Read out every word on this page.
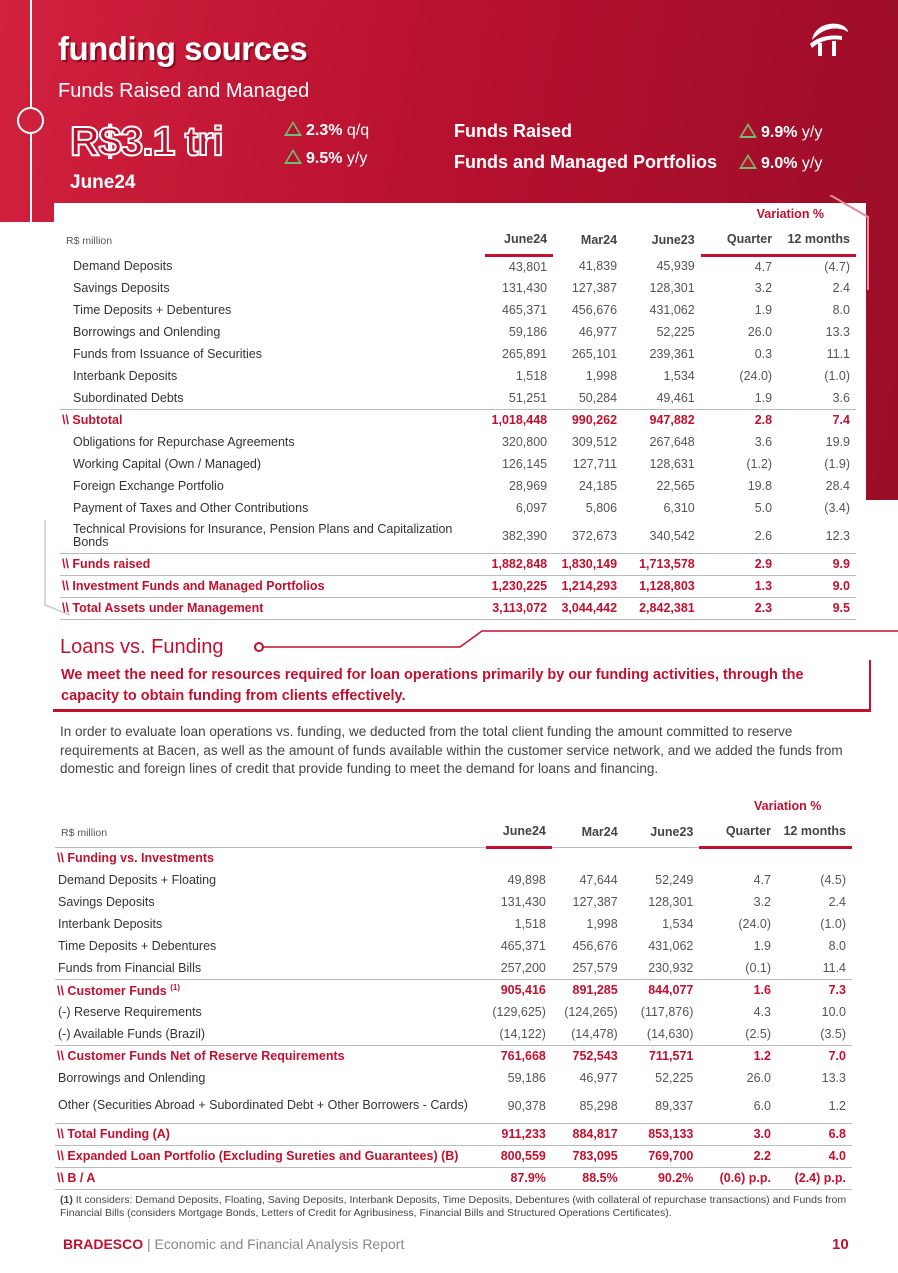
funding sources
Funds Raised and Managed
R$3.1 tri
June24
2.3% q/q
9.5% y/y
Funds Raised
Funds and Managed Portfolios
9.9% y/y
9.0% y/y
				Variation %	
R$ million	June24	Mar24	June23	Quarter	12 months
Demand Deposits	43,801	41,839	45,939	4.7	(4.7)
Savings Deposits	131,430	127,387	128,301	3.2	2.4
Time Deposits + Debentures	465,371	456,676	431,062	1.9	8.0
Borrowings and Onlending	59,186	46,977	52,225	26.0	13.3
Funds from Issuance of Securities	265,891	265,101	239,361	0.3	11.1
Interbank Deposits	1,518	1,998	1,534	(24.0)	(1.0)
Subordinated Debts	51,251	50,284	49,461	1.9	3.6
\\ Subtotal	1,018,448	990,262	947,882	2.8	7.4
Obligations for Repurchase Agreements	320,800	309,512	267,648	3.6	19.9
Working Capital (Own / Managed)	126,145	127,711	128,631	(1.2)	(1.9)
Foreign Exchange Portfolio	28,969	24,185	22,565	19.8	28.4
Payment of Taxes and Other Contributions	6,097	5,806	6,310	5.0	(3.4)
Technical Provisions for Insurance, Pension Plans and Capitalization Bonds	382,390	372,673	340,542	2.6	12.3
\\ Funds raised	1,882,848	1,830,149	1,713,578	2.9	9.9
\\ Investment Funds and Managed Portfolios	1,230,225	1,214,293	1,128,803	1.3	9.0
\\ Total Assets under Management	3,113,072	3,044,442	2,842,381	2.3	9.5
Loans vs. Funding
We meet the need for resources required for loan operations primarily by our funding activities, through the capacity to obtain funding from clients effectively.
In order to evaluate loan operations vs. funding, we deducted from the total client funding the amount committed to reserve requirements at Bacen, as well as the amount of funds available within the customer service network, and we added the funds from domestic and foreign lines of credit that provide funding to meet the demand for loans and financing.
				Variation %	
R$ million	June24	Mar24	June23	Quarter	12 months
\\ Funding vs. Investments					
Demand Deposits + Floating	49,898	47,644	52,249	4.7	(4.5)
Savings Deposits	131,430	127,387	128,301	3.2	2.4
Interbank Deposits	1,518	1,998	1,534	(24.0)	(1.0)
Time Deposits + Debentures	465,371	456,676	431,062	1.9	8.0
Funds from Financial Bills	257,200	257,579	230,932	(0.1)	11.4
\\ Customer Funds $^{(1)}$	905,416	891,285	844,077	1.6	7.3
(-) Reserve Requirements	(129,625)	(124,265)	(117,876)	4.3	10.0
(-) Available Funds (Brazil)	(14,122)	(14,478)	(14,630)	(2.5)	(3.5)
\\ Customer Funds Net of Reserve Requirements	761,668	752,543	711,571	1.2	7.0
Borrowings and Onlending	59,186	46,977	52,225	26.0	13.3
Other (Securities Abroad + Subordinated Debt + Other Borrowers - Cards)	90,378	85,298	89,337	6.0	1.2
\\ Total Funding (A)	911,233	884,817	853,133	3.0	6.8
\\ Expanded Loan Portfolio (Excluding Sureties and Guarantees) (B)	800,559	783,095	769,700	2.2	4.0
\\ B / A	87.9%	88.5%	90.2%	(0.6) p.p.	(2.4) p.p.
(1) It considers: Demand Deposits, Floating, Saving Deposits, Interbank Deposits, Time Deposits, Debentures (with collateral of repurchase transactions) and Funds from Financial Bills (considers Mortgage Bonds, Letters of Credit for Agribusiness, Financial Bills and Structured Operations Certificates).
BRADESCO | Economic and Financial Analysis Report	10
